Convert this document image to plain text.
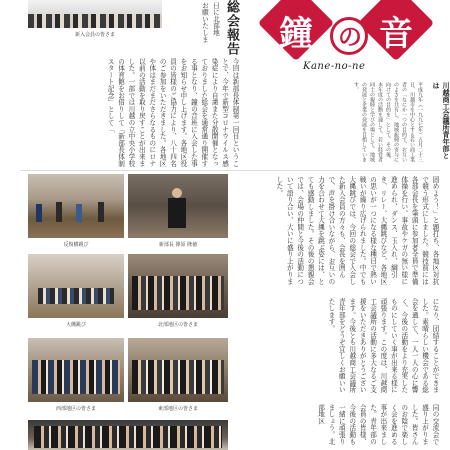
新入会員の皆さま	日に北部地
お願いたしま 総会報告
今回は新部長体制第一回目ということで、今年で新型コロナウイルス感染症により自粛また分散開催となっておりました総会を通常通り開催する事となり、鐘の音班に入会した事をお知らせ申し上げます。各地区役員の皆様のご協力により、八十四名のご参加をいただきました。各地区や体はまだまださらなるものにロナ以前の活動を取り戻すことが出来ました。一部では川越の立中央小学校の体育館をお借りして「新部長体制スタート記念」として「
鐘 の 音
Kane-no-ne
川越商工会議所青年部とは
平成九年（一九九七年）五月二十三日、川越市を中心とする若い商工業者の「なにか一つの目的で、お互いのよさを共有し、地域振興の寄与に向けての目的を」として、その後、本年度の活動を通して、若い経営者同士の親睦と学びの場として、地域の発展と企業の発展を目指しています。
反復横跳び	新部長 篠原 隆徳
大縄跳び	北部地区の皆さま
西部地区の皆さま	東部地区の皆さま
固めよう！」と題打ち、各地区対抗で競う形式にしました。競技前には各部会長を筆頭に参加者全員で準備体操を行い、事故やケガの無い様に進められ、ダンス、玉入れ、綱引き、リレー、大縄跳びなど、各地区の思いが一つになる様な種目で熱い戦いが繰り広げられました。中でも大縄跳びでは、今回の総会で入会した新入会員の方々も、会長を囲んで、声を掛け合いながら、お互いの力を合わせて大縄を跳ぶ姿には、とても感動しました。その後の懇親会では、会場の仲間と今後の活動について語り合い、大いに盛り上がりました。
になり、団結することができました。素晴らしい機会である総会を通して、一人一人の心に響く、今後の活動をより充実したものにしていく事が出来る様に頑張ります。この度は、川越商工会議所の活動に多大なるご支援をいただきありがとうございます。今後とも川越商工会議所青年部をどうぞ宜しくお願いいたします。
同の交流会で盛り上がりました。皆さんのお陰で楽しく会を進める事が出来ました。青年部の会員の皆様、今後の活動も一緒に頑張りましょう。北部地区
